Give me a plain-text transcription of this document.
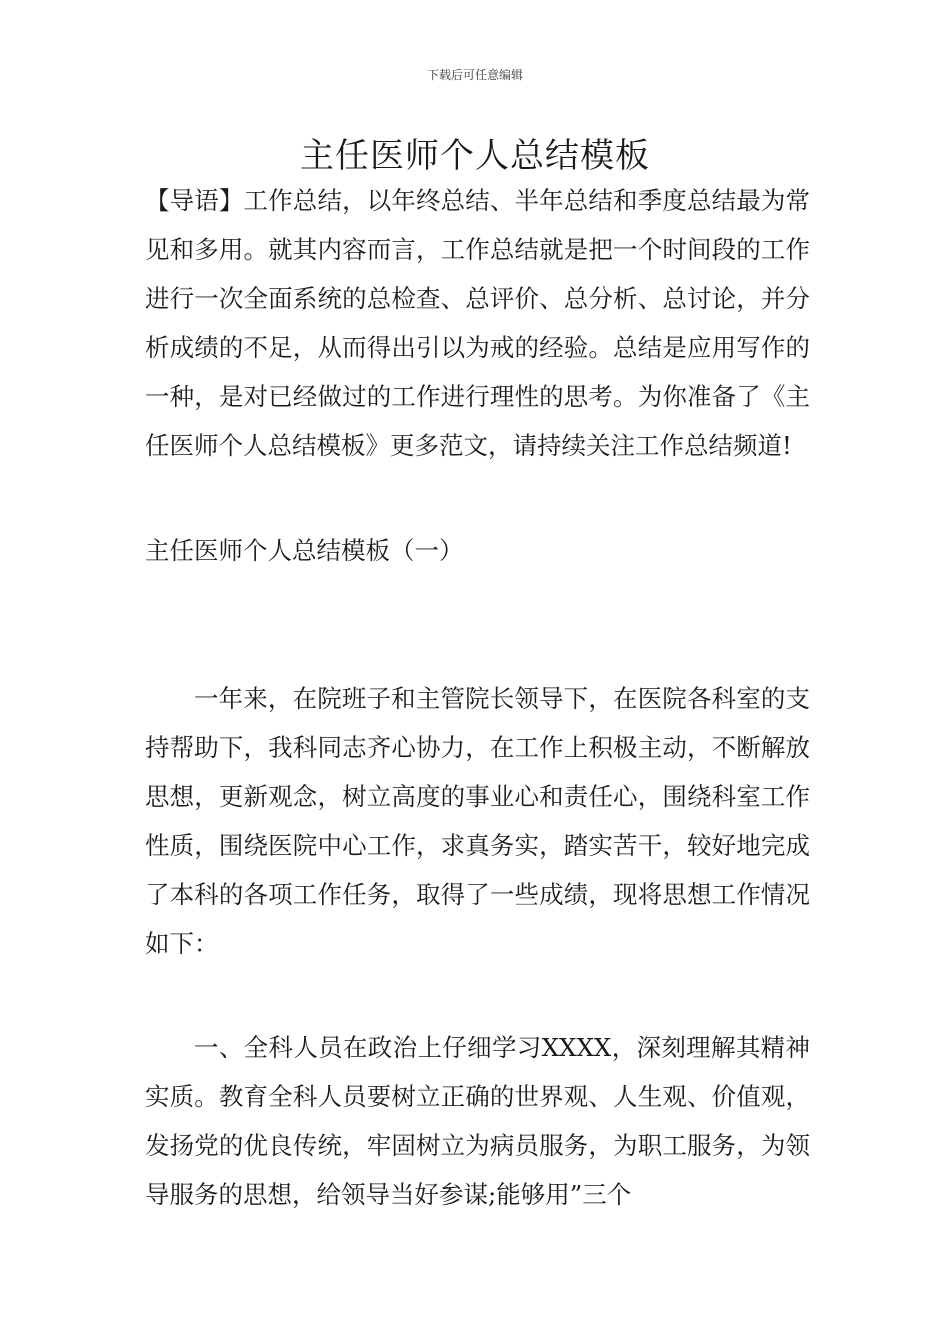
下载后可任意编辑
主任医师个人总结模板

【导语】工作总结，以年终总结、半年总结和季度总结最为常见和多用。就其内容而言，工作总结就是把一个时间段的工作进行一次全面系统的总检查、总评价、总分析、总讨论，并分析成绩的不足，从而得出引以为戒的经验。总结是应用写作的一种，是对已经做过的工作进行理性的思考。为你准备了《主任医师个人总结模板》更多范文，请持续关注工作总结频道!

主任医师个人总结模板（一）

一年来，在院班子和主管院长领导下，在医院各科室的支持帮助下，我科同志齐心协力，在工作上积极主动，不断解放思想，更新观念，树立高度的事业心和责任心，围绕科室工作性质，围绕医院中心工作，求真务实，踏实苦干，较好地完成了本科的各项工作任务，取得了一些成绩，现将思想工作情况如下：

一、全科人员在政治上仔细学习XXXX，深刻理解其精神实质。教育全科人员要树立正确的世界观、人生观、价值观，发扬党的优良传统，牢固树立为病员服务，为职工服务，为领导服务的思想，给领导当好参谋;能够用”三个
